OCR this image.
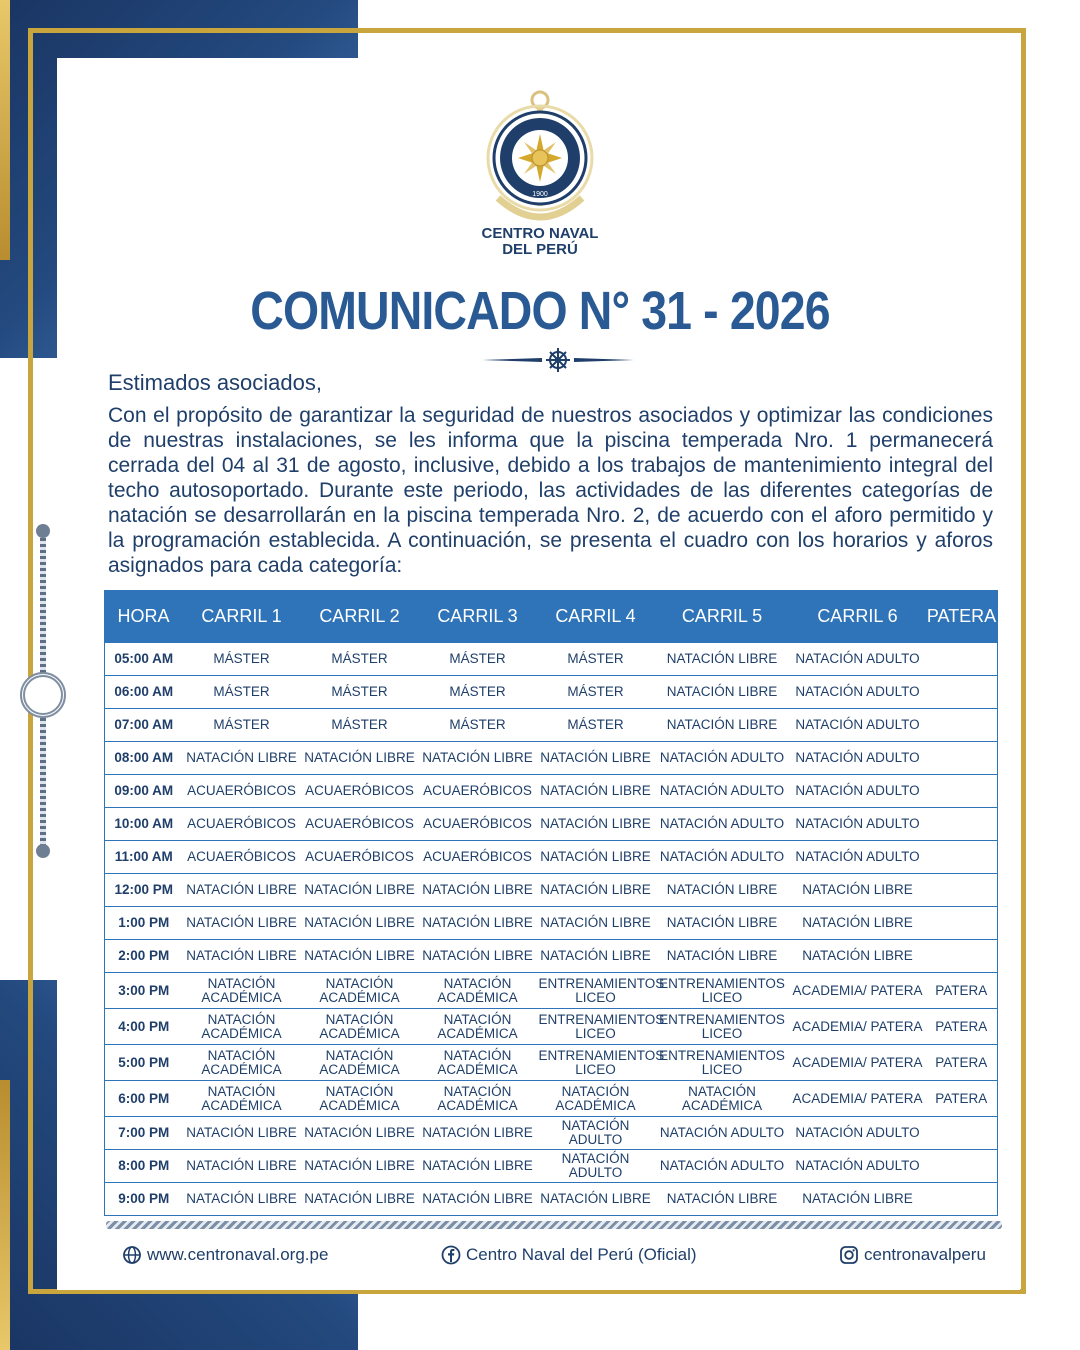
1900
CENTRO NAVAL
DEL PERÚ
COMUNICADO N° 31 - 2026
Estimados asociados,
Con el propósito de garantizar la seguridad de nuestros asociados y optimizar las condiciones de nuestras instalaciones, se les informa que la piscina temperada Nro. 1 permanecerá cerrada del 04 al 31 de agosto, inclusive, debido a los trabajos de mantenimiento integral del techo autosoportado. Durante este periodo, las actividades de las diferentes categorías de natación se desarrollarán en la piscina temperada Nro. 2, de acuerdo con el aforo permitido y la programación establecida. A continuación, se presenta el cuadro con los horarios y aforos asignados para cada categoría:
HORA	CARRIL 1	CARRIL 2	CARRIL 3	CARRIL 4	CARRIL 5	CARRIL 6	PATERA
05:00 AM	MÁSTER	MÁSTER	MÁSTER	MÁSTER	NATACIÓN LIBRE	NATACIÓN ADULTO	
06:00 AM	MÁSTER	MÁSTER	MÁSTER	MÁSTER	NATACIÓN LIBRE	NATACIÓN ADULTO	
07:00 AM	MÁSTER	MÁSTER	MÁSTER	MÁSTER	NATACIÓN LIBRE	NATACIÓN ADULTO	
08:00 AM	NATACIÓN LIBRE	NATACIÓN LIBRE	NATACIÓN LIBRE	NATACIÓN LIBRE	NATACIÓN ADULTO	NATACIÓN ADULTO	
09:00 AM	ACUAERÓBICOS	ACUAERÓBICOS	ACUAERÓBICOS	NATACIÓN LIBRE	NATACIÓN ADULTO	NATACIÓN ADULTO	
10:00 AM	ACUAERÓBICOS	ACUAERÓBICOS	ACUAERÓBICOS	NATACIÓN LIBRE	NATACIÓN ADULTO	NATACIÓN ADULTO	
11:00 AM	ACUAERÓBICOS	ACUAERÓBICOS	ACUAERÓBICOS	NATACIÓN LIBRE	NATACIÓN ADULTO	NATACIÓN ADULTO	
12:00 PM	NATACIÓN LIBRE	NATACIÓN LIBRE	NATACIÓN LIBRE	NATACIÓN LIBRE	NATACIÓN LIBRE	NATACIÓN LIBRE	
1:00 PM	NATACIÓN LIBRE	NATACIÓN LIBRE	NATACIÓN LIBRE	NATACIÓN LIBRE	NATACIÓN LIBRE	NATACIÓN LIBRE	
2:00 PM	NATACIÓN LIBRE	NATACIÓN LIBRE	NATACIÓN LIBRE	NATACIÓN LIBRE	NATACIÓN LIBRE	NATACIÓN LIBRE	
3:00 PM	NATACIÓN ACADÉMICA	NATACIÓN ACADÉMICA	NATACIÓN ACADÉMICA	ENTRENAMIENTOS LICEO	ENTRENAMIENTOS LICEO	ACADEMIA/ PATERA	PATERA
4:00 PM	NATACIÓN ACADÉMICA	NATACIÓN ACADÉMICA	NATACIÓN ACADÉMICA	ENTRENAMIENTOS LICEO	ENTRENAMIENTOS LICEO	ACADEMIA/ PATERA	PATERA
5:00 PM	NATACIÓN ACADÉMICA	NATACIÓN ACADÉMICA	NATACIÓN ACADÉMICA	ENTRENAMIENTOS LICEO	ENTRENAMIENTOS LICEO	ACADEMIA/ PATERA	PATERA
6:00 PM	NATACIÓN ACADÉMICA	NATACIÓN ACADÉMICA	NATACIÓN ACADÉMICA	NATACIÓN ACADÉMICA	NATACIÓN ACADÉMICA	ACADEMIA/ PATERA	PATERA
7:00 PM	NATACIÓN LIBRE	NATACIÓN LIBRE	NATACIÓN LIBRE	NATACIÓN ADULTO	NATACIÓN ADULTO	NATACIÓN ADULTO	
8:00 PM	NATACIÓN LIBRE	NATACIÓN LIBRE	NATACIÓN LIBRE	NATACIÓN ADULTO	NATACIÓN ADULTO	NATACIÓN ADULTO	
9:00 PM	NATACIÓN LIBRE	NATACIÓN LIBRE	NATACIÓN LIBRE	NATACIÓN LIBRE	NATACIÓN LIBRE	NATACIÓN LIBRE	
www.centronaval.org.pe	Centro Naval del Perú (Oficial)	centronavalperu
